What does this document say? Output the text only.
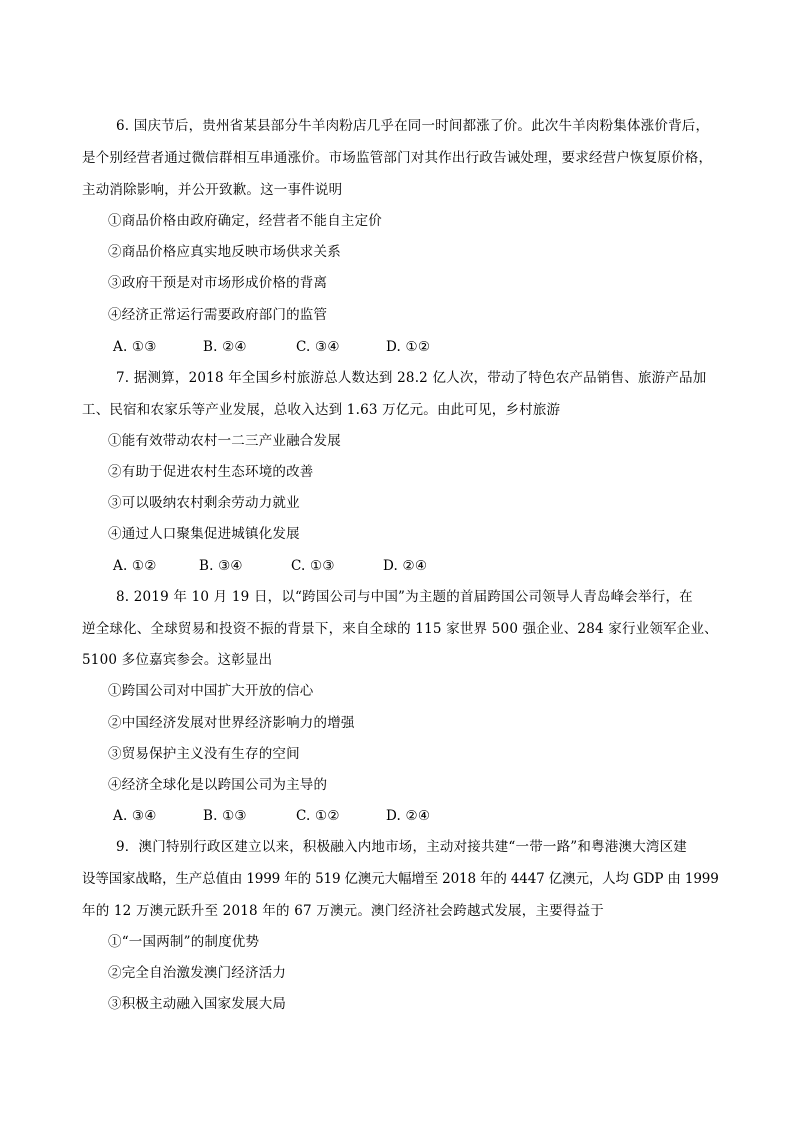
6. 国庆节后，贵州省某县部分牛羊肉粉店几乎在同一时间都涨了价。此次牛羊肉粉集体涨价背后，
是个别经营者通过微信群相互串通涨价。市场监管部门对其作出行政告诫处理，要求经营户恢复原价格，
主动消除影响，并公开致歉。这一事件说明
①商品价格由政府确定，经营者不能自主定价
②商品价格应真实地反映市场供求关系
③政府干预是对市场形成价格的背离
④经济正常运行需要政府部门的监管
A. ①③	B. ②④	C. ③④	D. ①②
7. 据测算，2018 年全国乡村旅游总人数达到 28.2 亿人次，带动了特色农产品销售、旅游产品加
工、民宿和农家乐等产业发展，总收入达到 1.63 万亿元。由此可见，乡村旅游
①能有效带动农村一二三产业融合发展
②有助于促进农村生态环境的改善
③可以吸纳农村剩余劳动力就业
④通过人口聚集促进城镇化发展
A. ①②	B. ③④	C. ①③	D. ②④
8. 2019 年 10 月 19 日，以“跨国公司与中国”为主题的首届跨国公司领导人青岛峰会举行，在
逆全球化、全球贸易和投资不振的背景下，来自全球的 115 家世界 500 强企业、284 家行业领军企业、
5100 多位嘉宾参会。这彰显出
①跨国公司对中国扩大开放的信心
②中国经济发展对世界经济影响力的增强
③贸易保护主义没有生存的空间
④经济全球化是以跨国公司为主导的
A. ③④	B. ①③	C. ①②	D. ②④
9．澳门特别行政区建立以来，积极融入内地市场，主动对接共建“一带一路”和粤港澳大湾区建
设等国家战略，生产总值由 1999 年的 519 亿澳元大幅增至 2018 年的 4447 亿澳元，人均 GDP 由 1999
年的 12 万澳元跃升至 2018 年的 67 万澳元。澳门经济社会跨越式发展，主要得益于
①“一国两制”的制度优势
②完全自治激发澳门经济活力
③积极主动融入国家发展大局
